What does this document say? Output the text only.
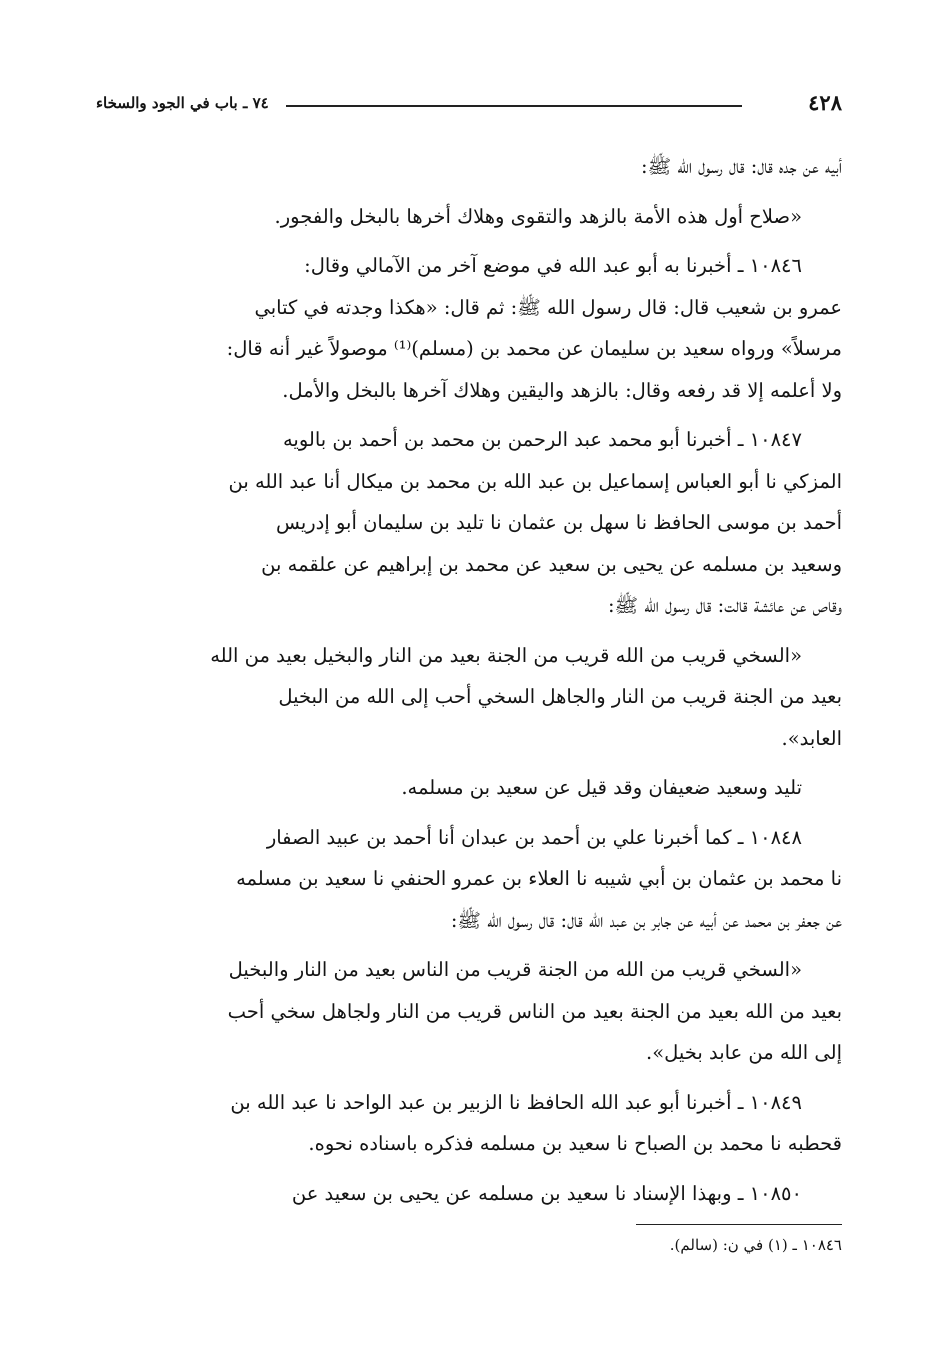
٤٢٨
٧٤ ـ باب في الجود والسخاء
أبيه عن جده قال: قال رسول الله ﷺ:
«صلاح أول هذه الأمة بالزهد والتقوى وهلاك أخرها بالبخل والفجور.
١٠٨٤٦ ـ أخبرنا به أبو عبد الله في موضع آخر من الآمالي وقال:
عمرو بن شعيب قال: قال رسول الله ﷺ: ثم قال: «هكذا وجدته في كتابي
مرسلاً» ورواه سعيد بن سليمان عن محمد بن (مسلم)⁽¹⁾ موصولاً غير أنه قال:
ولا أعلمه إلا قد رفعه وقال: بالزهد واليقين وهلاك آخرها بالبخل والأمل.
١٠٨٤٧ ـ أخبرنا أبو محمد عبد الرحمن بن محمد بن أحمد بن بالويه
المزكي نا أبو العباس إسماعيل بن عبد الله بن محمد بن ميكال أنا عبد الله بن
أحمد بن موسى الحافظ نا سهل بن عثمان نا تليد بن سليمان أبو إدريس
وسعيد بن مسلمه عن يحيى بن سعيد عن محمد بن إبراهيم عن علقمه بن
وقاص عن عائشة قالت: قال رسول الله ﷺ:
«السخي قريب من الله قريب من الجنة بعيد من النار والبخيل بعيد من الله
بعيد من الجنة قريب من النار والجاهل السخي أحب إلى الله من البخيل
العابد».
تليد وسعيد ضعيفان وقد قيل عن سعيد بن مسلمه.
١٠٨٤٨ ـ كما أخبرنا علي بن أحمد بن عبدان أنا أحمد بن عبيد الصفار
نا محمد بن عثمان بن أبي شيبه نا العلاء بن عمرو الحنفي نا سعيد بن مسلمه
عن جعفر بن محمد عن أبيه عن جابر بن عبد الله قال: قال رسول الله ﷺ:
«السخي قريب من الله من الجنة قريب من الناس بعيد من النار والبخيل
بعيد من الله بعيد من الجنة بعيد من الناس قريب من النار ولجاهل سخي أحب
إلى الله من عابد بخيل».
١٠٨٤٩ ـ أخبرنا أبو عبد الله الحافظ نا الزبير بن عبد الواحد نا عبد الله بن
قحطبه نا محمد بن الصباح نا سعيد بن مسلمه فذكره باسناده نحوه.
١٠٨٥٠ ـ وبهذا الإسناد نا سعيد بن مسلمه عن يحيى بن سعيد عن
١٠٨٤٦ ـ (١) في ن: (سالم).
